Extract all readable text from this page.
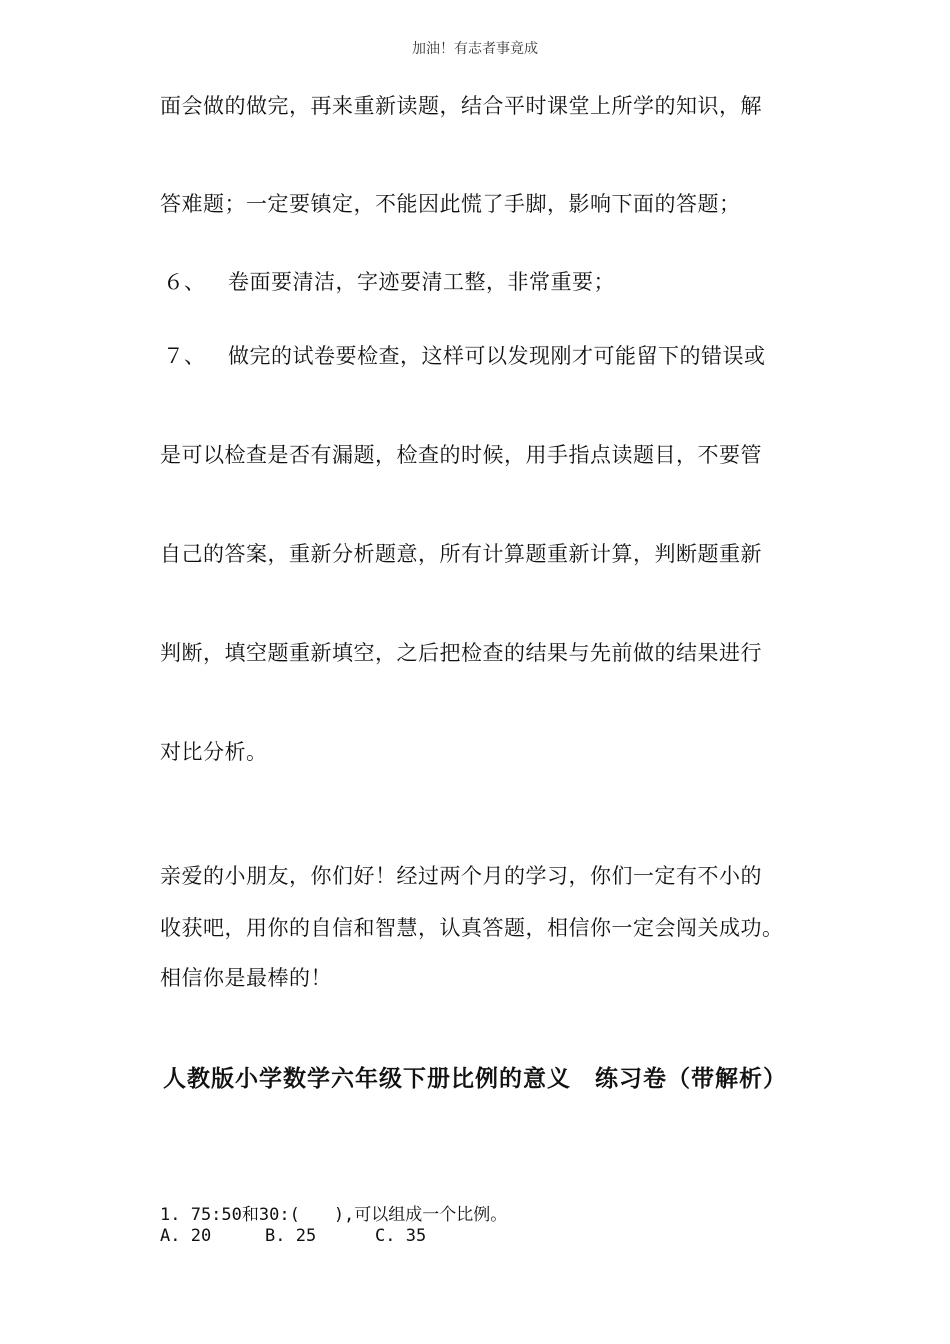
加油！有志者事竟成
面会做的做完，再来重新读题，结合平时课堂上所学的知识，解
答难题；一定要镇定，不能因此慌了手脚，影响下面的答题；
６、 卷面要清洁，字迹要清工整，非常重要；
７、 做完的试卷要检查，这样可以发现刚才可能留下的错误或
是可以检查是否有漏题，检查的时候，用手指点读题目，不要管
自己的答案，重新分析题意，所有计算题重新计算，判断题重新
判断，填空题重新填空，之后把检查的结果与先前做的结果进行
对比分析。
亲爱的小朋友，你们好！经过两个月的学习，你们一定有不小的
收获吧，用你的自信和智慧，认真答题，相信你一定会闯关成功。
相信你是最棒的！
人教版小学数学六年级下册比例的意义　练习卷（带解析）
1. 75:50和30:(　　),可以组成一个比例。
A. 20	B. 25	C. 35
